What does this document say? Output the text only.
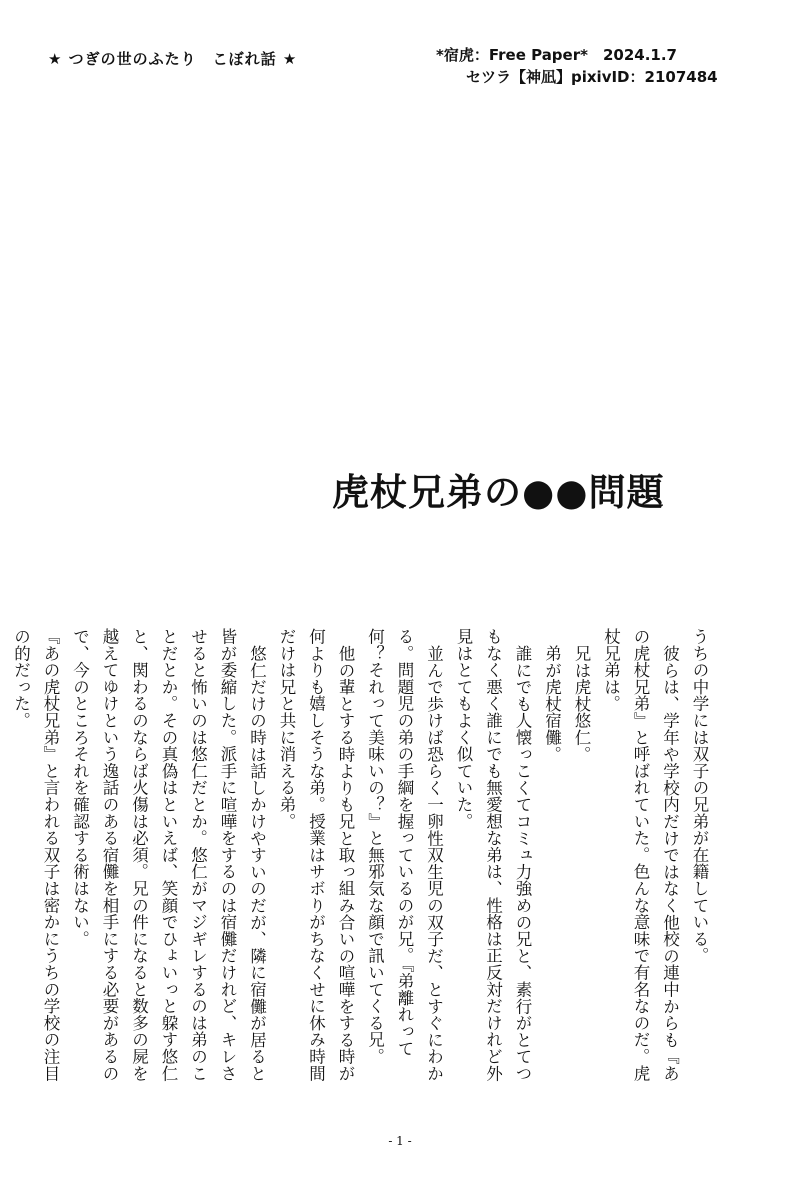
★ つぎの世のふたり　こぼれ話 ★	*宿虎：Free Paper*　2024.1.7
セツラ【神凪】pixivID：2107484
虎杖兄弟の●●問題

うちの中学には双子の兄弟が在籍している。

彼らは、学年や学校内だけではなく他校の連中からも『あの虎杖兄弟』と呼ばれていた。色んな意味で有名なのだ。虎杖兄弟は。

兄は虎杖悠仁。

弟が虎杖宿儺。

誰にでも人懐っこくてコミュ力強めの兄と、素行がとてつもなく悪く誰にでも無愛想な弟は、性格は正反対だけれど外見はとてもよく似ていた。

並んで歩けば恐らく一卵性双生児の双子だ、とすぐにわかる。問題児の弟の手綱を握っているのが兄。『弟離れって何？それって美味いの？』と無邪気な顔で訊いてくる兄。

他の輩とする時よりも兄と取っ組み合いの喧嘩をする時が何よりも嬉しそうな弟。授業はサボりがちなくせに休み時間だけは兄と共に消える弟。

悠仁だけの時は話しかけやすいのだが、隣に宿儺が居ると皆が委縮した。派手に喧嘩をするのは宿儺だけれど、キレさせると怖いのは悠仁だとか。悠仁がマジギレするのは弟のことだとか。その真偽はといえば、笑顔でひょいっと躱す悠仁と、関わるのならば火傷は必須。兄の件になると数多の屍を越えてゆけという逸話のある宿儺を相手にする必要があるので、今のところそれを確認する術はない。

『あの虎杖兄弟』と言われる双子は密かにうちの学校の注目の的だった。

- 1 -
